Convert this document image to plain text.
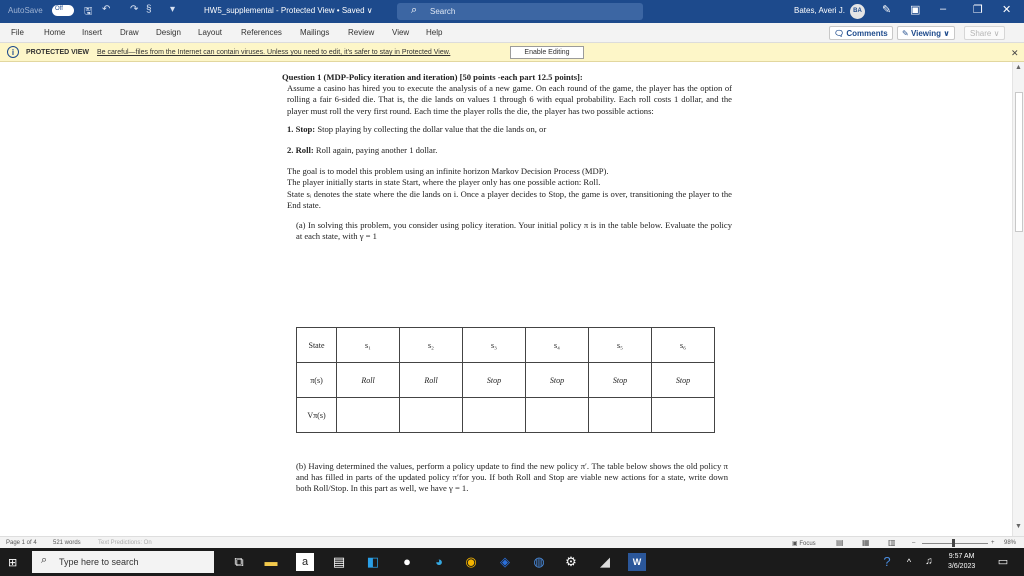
AutoSave Off 🖫 ↶ ↷ § ▾	HW5_supplemental - Protected View • Saved ∨	⌕ Search	Bates, Averi J.	BA ✎ ▣ – ❐ ✕
File	Home Insert Draw Design Layout References Mailings Review View Help	🗨 Comments	✎ Viewing ∨	Share ∨
i	PROTECTED VIEW Be careful—files from the Internet can contain viruses. Unless you need to edit, it's safer to stay in Protected View.	Enable Editing	✕
▲
▼

Question 1 (MDP-Policy iteration and iteration) [50 points -each part 12.5 points]:

Assume a casino has hired you to execute the analysis of a new game. On each round of the game, the player has the option of rolling a fair 6-sided die. That is, the die lands on values 1 through 6 with equal probability. Each roll costs 1 dollar, and the player must roll the very first round. Each time the player rolls the die, the player has two possible actions:

1. Stop: Stop playing by collecting the dollar value that the die lands on, or

2. Roll: Roll again, paying another 1 dollar.

The goal is to model this problem using an infinite horizon Markov Decision Process (MDP).

The player initially starts in state Start, where the player only has one possible action: Roll.

State sᵢ denotes the state where the die lands on i. Once a player decides to Stop, the game is over, transitioning the player to the End state.

(a) In solving this problem, you consider using policy iteration. Your initial policy π is in the table below. Evaluate the policy at each state, with γ = 1

State	s₁	s₂	s₃	s₄	s₅	s₆
π(s)	Roll	Roll	Stop	Stop	Stop	Stop
Vπ(s)						
(b) Having determined the values, perform a policy update to find the new policy π′. The table below shows the old policy π and has filled in parts of the updated policy π′for you. If both Roll and Stop are viable new actions for a state, write down both Roll/Stop. In this part as well, we have γ = 1.
Page 1 of 4	521 words	Text Predictions: On	▣ Focus	▤ ▦ ▥	–	+ 98%
⊞ ⌕ Type here to search	⧉	▬	a	▤ ◧	●	◕	◉	◈	◍ ⚙	◢	W	?	^	♫	9:57 AM
3/6/2023	▭
